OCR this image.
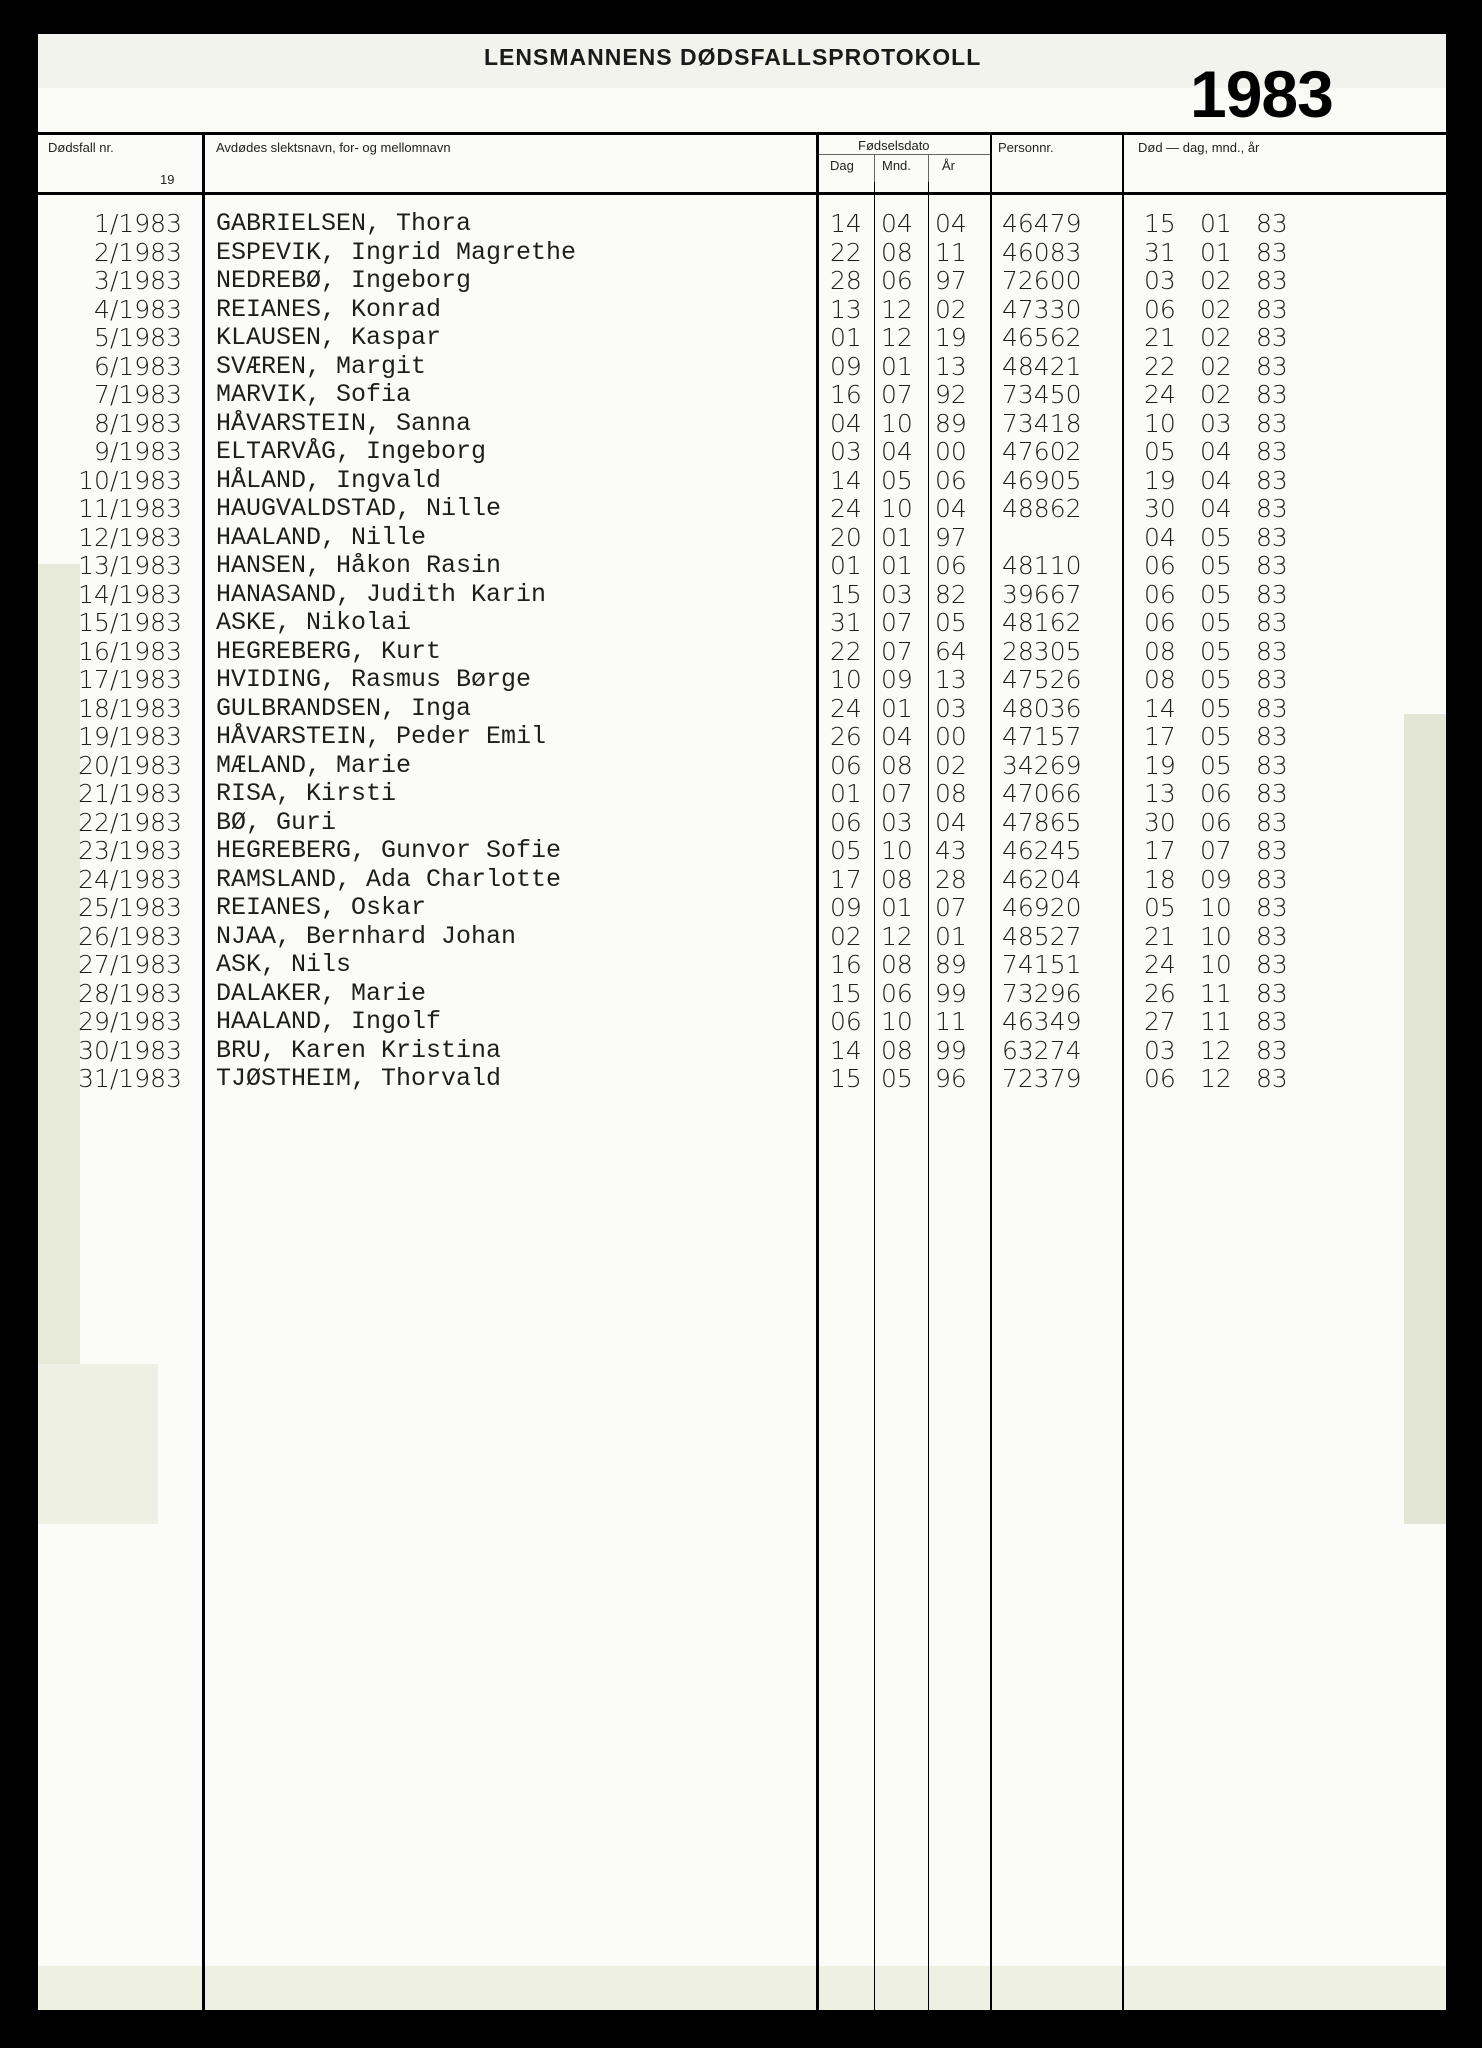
LENSMANNENS DØDSFALLSPROTOKOLL	1983
Dødsfall nr.
19
Avdødes slektsnavn, for- og mellomnavn	Fødselsdato
Dag Mnd. År
Personnr.	Død — dag, mnd., år
1/1983 GABRIELSEN, Thora	14 04 04 46479 15 01 83
2/1983 ESPEVIK, Ingrid Magrethe	22 08 11 46083 31 01 83
3/1983 NEDREBØ, Ingeborg	28 06 97 72600 03 02 83
4/1983 REIANES, Konrad	13 12 02 47330 06 02 83
5/1983 KLAUSEN, Kaspar	01 12 19 46562 21 02 83
6/1983 SVÆREN, Margit	09 01 13 48421 22 02 83
7/1983 MARVIK, Sofia	16 07 92 73450 24 02 83
8/1983 HÅVARSTEIN, Sanna	04 10 89 73418 10 03 83
9/1983 ELTARVÅG, Ingeborg	03 04 00 47602 05 04 83
10/1983 HÅLAND, Ingvald	14 05 06 46905 19 04 83
11/1983 HAUGVALDSTAD, Nille	24 10 04 48862 30 04 83
12/1983 HAALAND, Nille	20 01 97	04 05 83
13/1983 HANSEN, Håkon Rasin	01 01 06 48110 06 05 83
14/1983 HANASAND, Judith Karin	15 03 82 39667 06 05 83
15/1983 ASKE, Nikolai	31 07 05 48162 06 05 83
16/1983 HEGREBERG, Kurt	22 07 64 28305 08 05 83
17/1983 HVIDING, Rasmus Børge	10 09 13 47526 08 05 83
18/1983 GULBRANDSEN, Inga	24 01 03 48036 14 05 83
19/1983 HÅVARSTEIN, Peder Emil	26 04 00 47157 17 05 83
20/1983 MÆLAND, Marie	06 08 02 34269 19 05 83
21/1983 RISA, Kirsti	01 07 08 47066 13 06 83
22/1983 BØ, Guri	06 03 04 47865 30 06 83
23/1983 HEGREBERG, Gunvor Sofie	05 10 43 46245 17 07 83
24/1983 RAMSLAND, Ada Charlotte	17 08 28 46204 18 09 83
25/1983 REIANES, Oskar	09 01 07 46920 05 10 83
26/1983 NJAA, Bernhard Johan	02 12 01 48527 21 10 83
27/1983 ASK, Nils	16 08 89 74151 24 10 83
28/1983 DALAKER, Marie	15 06 99 73296 26 11 83
29/1983 HAALAND, Ingolf	06 10 11 46349 27 11 83
30/1983 BRU, Karen Kristina	14 08 99 63274 03 12 83
31/1983 TJØSTHEIM, Thorvald	15 05 96 72379 06 12 83
